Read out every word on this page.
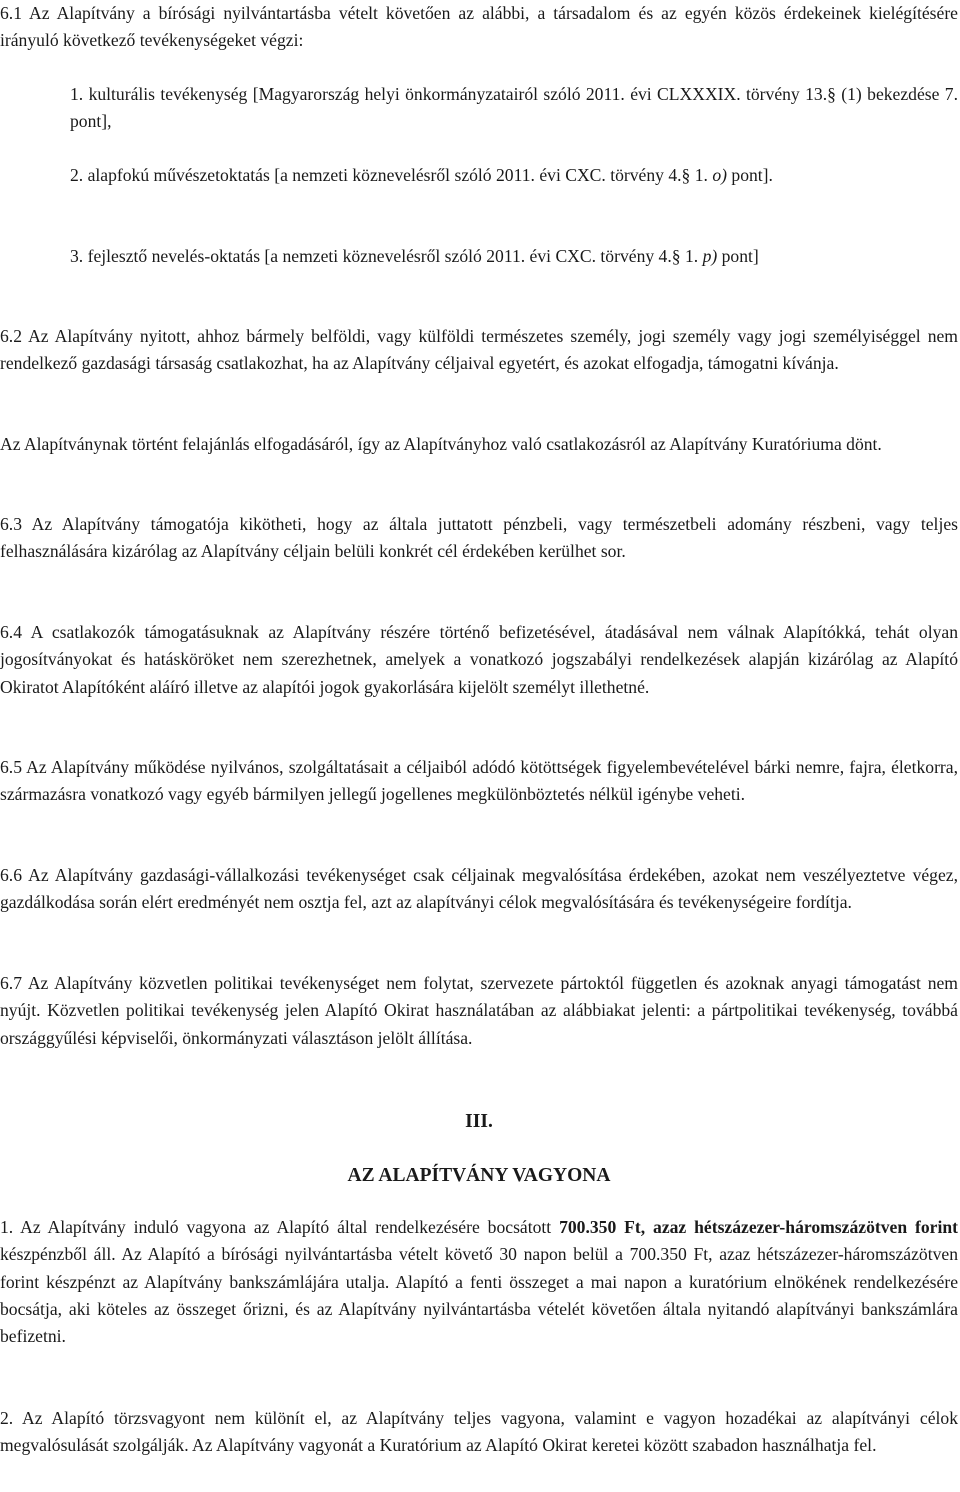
6.1 Az Alapítvány a bírósági nyilvántartásba vételt követően az alábbi, a társadalom és az egyén közös érdekeinek kielégítésére irányuló következő tevékenységeket végzi:

1. kulturális tevékenység [Magyarország helyi önkormányzatairól szóló 2011. évi CLXXXIX. törvény 13.§ (1) bekezdése 7. pont],

2. alapfokú művészetoktatás [a nemzeti köznevelésről szóló 2011. évi CXC. törvény 4.§ 1. o) pont].

3. fejlesztő nevelés-oktatás [a nemzeti köznevelésről szóló 2011. évi CXC. törvény 4.§ 1. p) pont]

6.2 Az Alapítvány nyitott, ahhoz bármely belföldi, vagy külföldi természetes személy, jogi személy vagy jogi személyiséggel nem rendelkező gazdasági társaság csatlakozhat, ha az Alapítvány céljaival egyetért, és azokat elfogadja, támogatni kívánja.

Az Alapítványnak történt felajánlás elfogadásáról, így az Alapítványhoz való csatlakozásról az Alapítvány Kuratóriuma dönt.

6.3 Az Alapítvány támogatója kikötheti, hogy az általa juttatott pénzbeli, vagy természetbeli adomány részbeni, vagy teljes felhasználására kizárólag az Alapítvány céljain belüli konkrét cél érdekében kerülhet sor.

6.4 A csatlakozók támogatásuknak az Alapítvány részére történő befizetésével, átadásával nem válnak Alapítókká, tehát olyan jogosítványokat és hatásköröket nem szerezhetnek, amelyek a vonatkozó jogszabályi rendelkezések alapján kizárólag az Alapító Okiratot Alapítóként aláíró illetve az alapítói jogok gyakorlására kijelölt személyt illethetné.

6.5 Az Alapítvány működése nyilvános, szolgáltatásait a céljaiból adódó kötöttségek figyelembevételével bárki nemre, fajra, életkorra, származásra vonatkozó vagy egyéb bármilyen jellegű jogellenes megkülönböztetés nélkül igénybe veheti.

6.6 Az Alapítvány gazdasági-vállalkozási tevékenységet csak céljainak megvalósítása érdekében, azokat nem veszélyeztetve végez, gazdálkodása során elért eredményét nem osztja fel, azt az alapítványi célok megvalósítására és tevékenységeire fordítja.

6.7 Az Alapítvány közvetlen politikai tevékenységet nem folytat, szervezete pártoktól független és azoknak anyagi támogatást nem nyújt. Közvetlen politikai tevékenység jelen Alapító Okirat használatában az alábbiakat jelenti: a pártpolitikai tevékenység, továbbá országgyűlési képviselői, önkormányzati választáson jelölt állítása.

III.
AZ ALAPÍTVÁNY VAGYONA

1. Az Alapítvány induló vagyona az Alapító által rendelkezésére bocsátott 700.350 Ft, azaz hétszázezer-háromszázötven forint készpénzből áll. Az Alapító a bírósági nyilvántartásba vételt követő 30 napon belül a 700.350 Ft, azaz hétszázezer-háromszázötven forint készpénzt az Alapítvány bankszámlájára utalja. Alapító a fenti összeget a mai napon a kuratórium elnökének rendelkezésére bocsátja, aki köteles az összeget őrizni, és az Alapítvány nyilvántartásba vételét követően általa nyitandó alapítványi bankszámlára befizetni.

2. Az Alapító törzsvagyont nem különít el, az Alapítvány teljes vagyona, valamint e vagyon hozadékai az alapítványi célok megvalósulását szolgálják. Az Alapítvány vagyonát a Kuratórium az Alapító Okirat keretei között szabadon használhatja fel.
